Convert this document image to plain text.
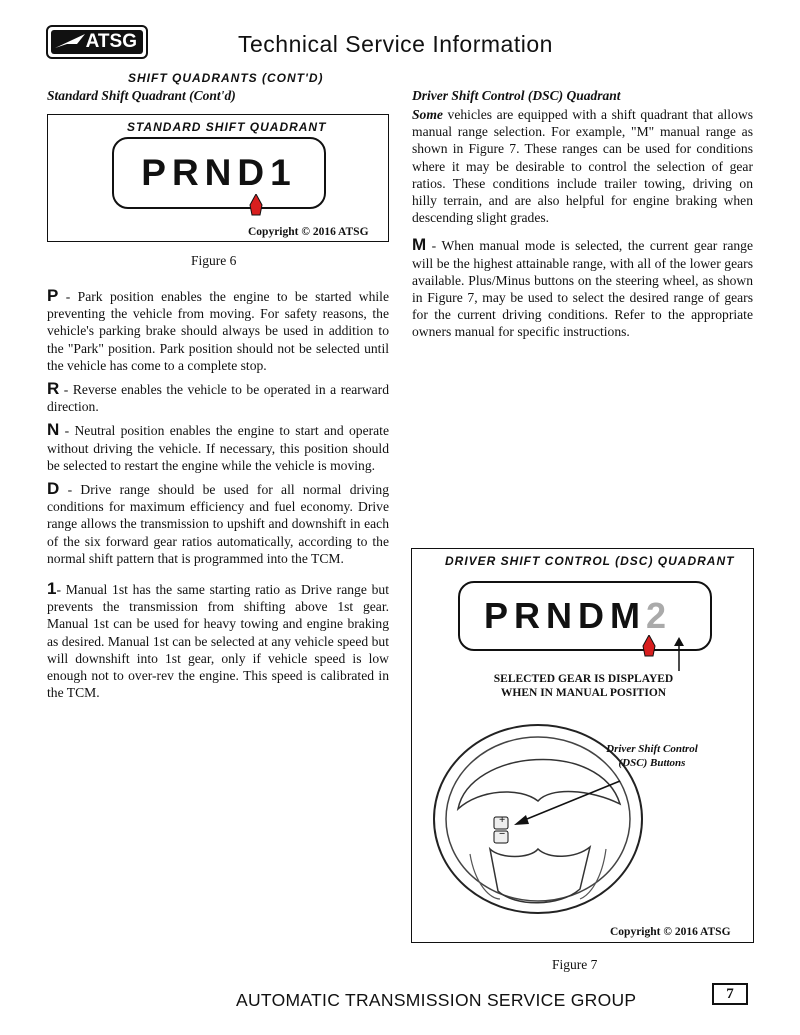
ATSG	Technical Service Information
SHIFT QUADRANTS (CONT'D)
Standard Shift Quadrant (Cont'd)
STANDARD SHIFT QUADRANT
PRND1
Copyright © 2016 ATSG
Figure 6

P - Park position enables the engine to be started while preventing the vehicle from moving. For safety reasons, the vehicle's parking brake should always be used in addition to the "Park" position. Park position should not be selected until the vehicle has come to a complete stop.

R - Reverse enables the vehicle to be operated in a rearward direction.

N - Neutral position enables the engine to start and operate without driving the vehicle. If necessary, this position should be selected to restart the engine while the vehicle is moving.

D - Drive range should be used for all normal driving conditions for maximum efficiency and fuel economy. Drive range allows the transmission to upshift and downshift in each of the six forward gear ratios automatically, according to the normal shift pattern that is programmed into the TCM.

1- Manual 1st has the same starting ratio as Drive range but prevents the transmission from shifting above 1st gear. Manual 1st can be used for heavy towing and engine braking as desired. Manual 1st can be selected at any vehicle speed but will downshift into 1st gear, only if vehicle speed is low enough not to over-rev the engine. This speed is calibrated in the TCM.

Driver Shift Control (DSC) Quadrant

Some vehicles are equipped with a shift quadrant that allows manual range selection. For example, "M" manual range as shown in Figure 7. These ranges can be used for conditions where it may be desirable to control the selection of gear ratios. These conditions include trailer towing, driving on hilly terrain, and are also helpful for engine braking when descending slight grades.

M - When manual mode is selected, the current gear range will be the highest attainable range, with all of the lower gears available. Plus/Minus buttons on the steering wheel, as shown in Figure 7, may be used to select the desired range of gears for the current driving conditions. Refer to the appropriate owners manual for specific instructions.

DRIVER SHIFT CONTROL (DSC) QUADRANT
PRNDM2
SELECTED GEAR IS DISPLAYED
WHEN IN MANUAL POSITION
+
−
Driver Shift Control
(DSC) Buttons
Copyright © 2016 ATSG
Figure 7
AUTOMATIC TRANSMISSION SERVICE GROUP	7
